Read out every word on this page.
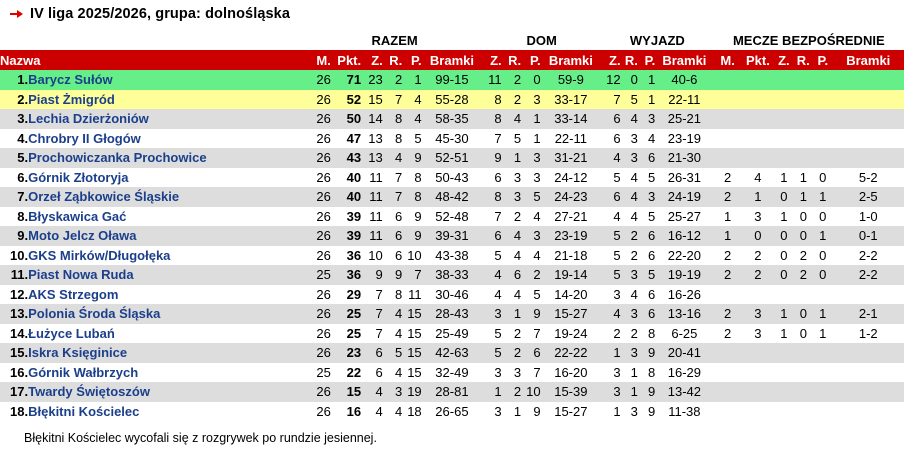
IV liga 2025/2026, grupa: dolnośląska
		RAZEM						DOM				WYJAZD				MECZE BEZPOŚREDNIE					
Nazwa		M.	Pkt.	Z.	R.	P.	Bramki	Z.	R.	P.	Bramki	Z.	R.	P.	Bramki	M.	Pkt.	Z.	R.	P.	Bramki
1.	Barycz Sułów	26	71	23	2	1	99-15	11	2	0	59-9	12	0	1	40-6						
2.	Piast Żmigród	26	52	15	7	4	55-28	8	2	3	33-17	7	5	1	22-11						
3.	Lechia Dzierżoniów	26	50	14	8	4	58-35	8	4	1	33-14	6	4	3	25-21						
4.	Chrobry II Głogów	26	47	13	8	5	45-30	7	5	1	22-11	6	3	4	23-19						
5.	Prochowiczanka Prochowice	26	43	13	4	9	52-51	9	1	3	31-21	4	3	6	21-30						
6.	Górnik Złotoryja	26	40	11	7	8	50-43	6	3	3	24-12	5	4	5	26-31	2	4	1	1	0	5-2
7.	Orzeł Ząbkowice Śląskie	26	40	11	7	8	48-42	8	3	5	24-23	6	4	3	24-19	2	1	0	1	1	2-5
8.	Błyskawica Gać	26	39	11	6	9	52-48	7	2	4	27-21	4	4	5	25-27	1	3	1	0	0	1-0
9.	Moto Jelcz Oława	26	39	11	6	9	39-31	6	4	3	23-19	5	2	6	16-12	1	0	0	0	1	0-1
10.	GKS Mirków/Długołęka	26	36	10	6	10	43-38	5	4	4	21-18	5	2	6	22-20	2	2	0	2	0	2-2
11.	Piast Nowa Ruda	25	36	9	9	7	38-33	4	6	2	19-14	5	3	5	19-19	2	2	0	2	0	2-2
12.	AKS Strzegom	26	29	7	8	11	30-46	4	4	5	14-20	3	4	6	16-26						
13.	Polonia Środa Śląska	26	25	7	4	15	28-43	3	1	9	15-27	4	3	6	13-16	2	3	1	0	1	2-1
14.	Łużyce Lubań	26	25	7	4	15	25-49	5	2	7	19-24	2	2	8	6-25	2	3	1	0	1	1-2
15.	Iskra Księginice	26	23	6	5	15	42-63	5	2	6	22-22	1	3	9	20-41						
16.	Górnik Wałbrzych	25	22	6	4	15	32-49	3	3	7	16-20	3	1	8	16-29						
17.	Twardy Świętoszów	26	15	4	3	19	28-81	1	2	10	15-39	3	1	9	13-42						
18.	Błękitni Kościelec	26	16	4	4	18	26-65	3	1	9	15-27	1	3	9	11-38						
Błękitni Kościelec wycofali się z rozgrywek po rundzie jesiennej.
